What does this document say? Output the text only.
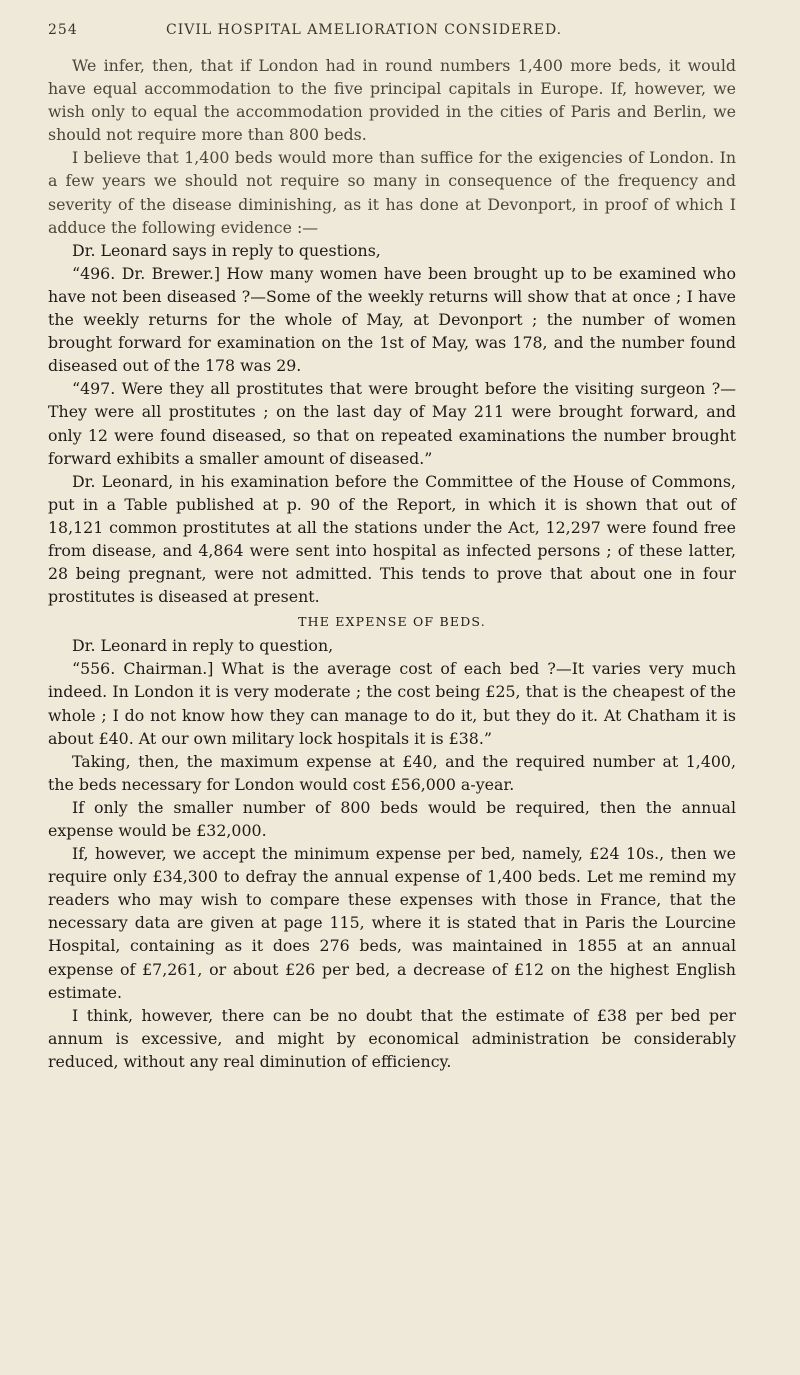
254	CIVIL HOSPITAL AMELIORATION CONSIDERED.

We infer, then, that if London had in round numbers 1,400 more beds, it would have equal accommodation to the five principal capitals in Europe. If, however, we wish only to equal the accommodation provided in the cities of Paris and Berlin, we should not require more than 800 beds.

I believe that 1,400 beds would more than suffice for the exigencies of London. In a few years we should not require so many in consequence of the frequency and severity of the disease diminishing, as it has done at Devonport, in proof of which I adduce the following evidence :—

Dr. Leonard says in reply to questions,

“496. Dr. Brewer.] How many women have been brought up to be examined who have not been diseased ?—Some of the weekly returns will show that at once ; I have the weekly returns for the whole of May, at Devonport ; the number of women brought forward for examination on the 1st of May, was 178, and the number found diseased out of the 178 was 29.

“497. Were they all prostitutes that were brought before the visiting surgeon ?—They were all prostitutes ; on the last day of May 211 were brought forward, and only 12 were found diseased, so that on repeated examinations the number brought forward exhibits a smaller amount of diseased.”

Dr. Leonard, in his examination before the Committee of the House of Commons, put in a Table published at p. 90 of the Report, in which it is shown that out of 18,121 common prostitutes at all the stations under the Act, 12,297 were found free from disease, and 4,864 were sent into hospital as infected persons ; of these latter, 28 being pregnant, were not admitted. This tends to prove that about one in four prostitutes is diseased at present.

THE EXPENSE OF BEDS.

Dr. Leonard in reply to question,

“556. Chairman.] What is the average cost of each bed ?—It varies very much indeed. In London it is very moderate ; the cost being £25, that is the cheapest of the whole ; I do not know how they can manage to do it, but they do it. At Chatham it is about £40. At our own military lock hospitals it is £38.”

Taking, then, the maximum expense at £40, and the required number at 1,400, the beds necessary for London would cost £56,000 a-year.

If only the smaller number of 800 beds would be required, then the annual expense would be £32,000.

If, however, we accept the minimum expense per bed, namely, £24 10s., then we require only £34,300 to defray the annual expense of 1,400 beds. Let me remind my readers who may wish to compare these expenses with those in France, that the necessary data are given at page 115, where it is stated that in Paris the Lourcine Hospital, containing as it does 276 beds, was maintained in 1855 at an annual expense of £7,261, or about £26 per bed, a decrease of £12 on the highest English estimate.

I think, however, there can be no doubt that the estimate of £38 per bed per annum is excessive, and might by economical administration be considerably reduced, without any real diminution of efficiency.
